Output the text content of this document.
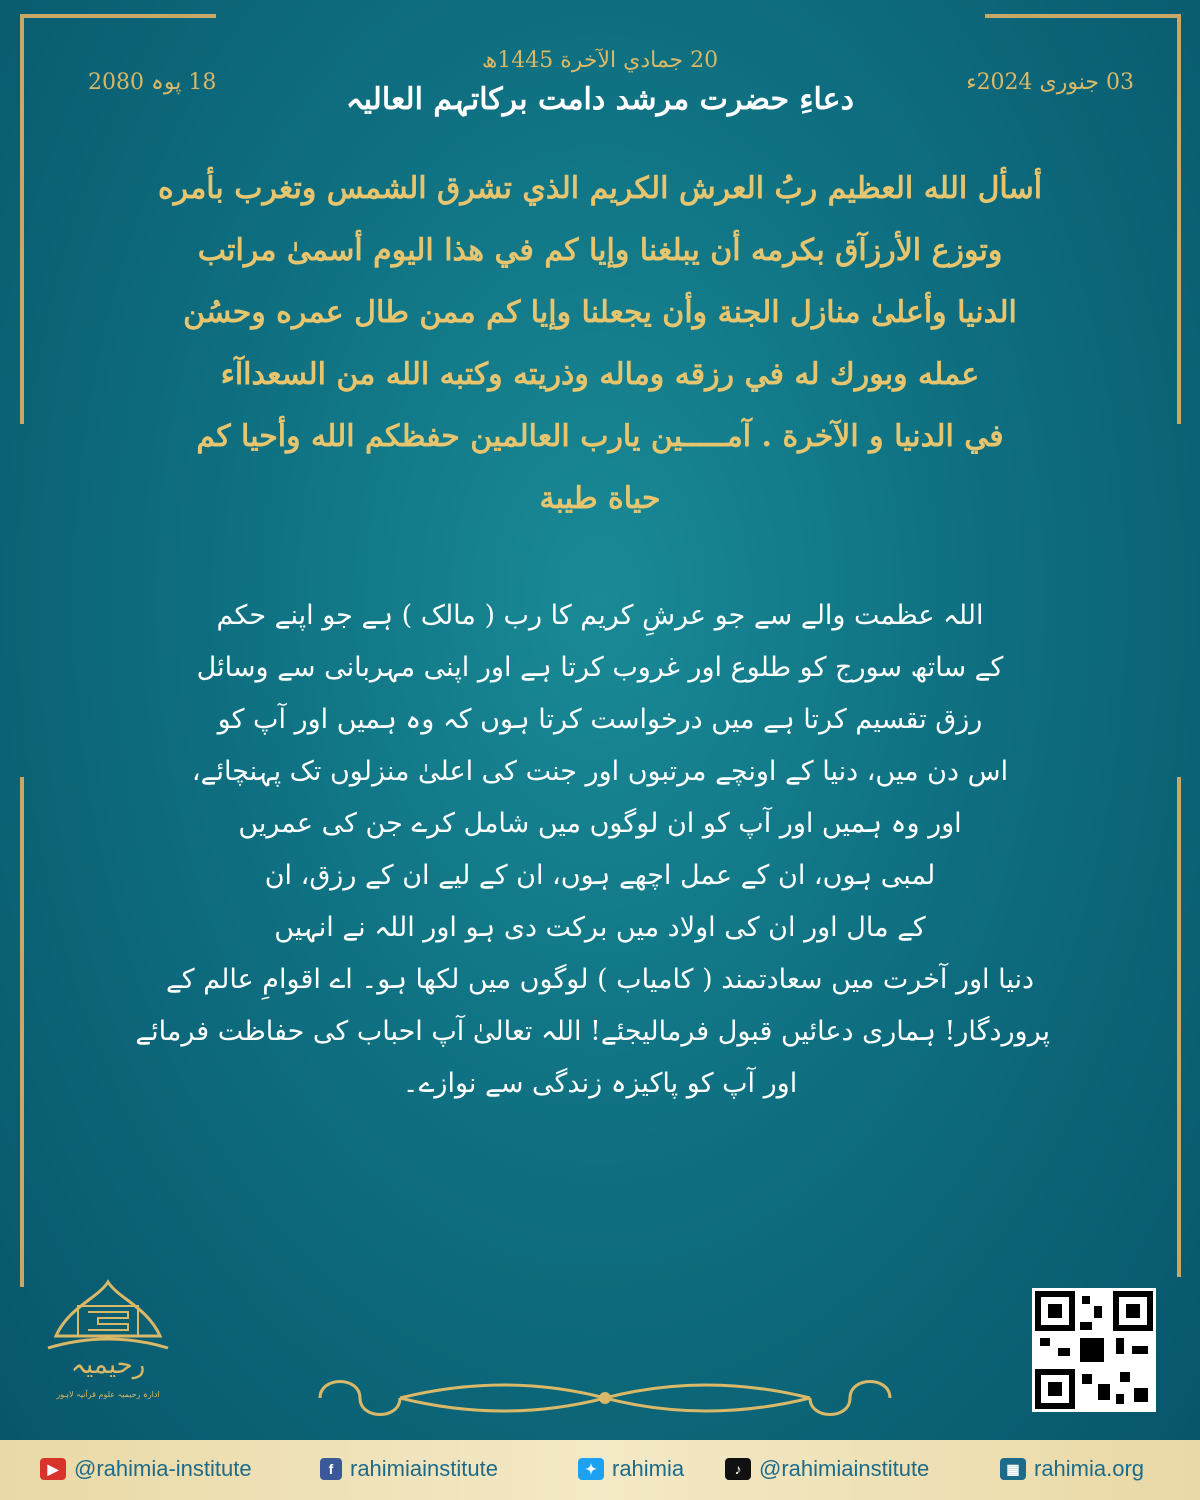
20 جمادي الآخرة 1445ھ
03 جنوری 2024ء
18 پوہ 2080	دعاءِ حضرت مرشد دامت برکاتہم العالیہ
أسأل الله العظيم ربُ العرش الكريم الذي تشرق الشمس وتغرب بأمره
وتوزع الأرزآق بكرمه أن يبلغنا وإيا كم في هذا اليوم أسمىٰ مراتب
الدنيا وأعلىٰ منازل الجنة وأن يجعلنا وإيا كم ممن طال عمره وحسُن
عمله وبورك له في رزقه وماله وذريته وكتبه الله من السعداآء
في الدنيا و الآخرة . آمـــــين يارب العالمين حفظكم الله وأحيا كم
حياة طيبة
اللہ عظمت والے سے جو عرشِ کریم کا رب ( مالک ) ہے جو اپنے حکم
کے ساتھ سورج کو طلوع اور غروب کرتا ہے اور اپنی مہربانی سے وسائل
رزق تقسیم کرتا ہے میں درخواست کرتا ہوں کہ وہ ہمیں اور آپ کو
اس دن میں، دنیا کے اونچے مرتبوں اور جنت کی اعلیٰ منزلوں تک پہنچائے،
اور وہ ہمیں اور آپ کو ان لوگوں میں شامل کرے جن کی عمریں
لمبی ہوں، ان کے عمل اچھے ہوں، ان کے لیے ان کے رزق، ان
کے مال اور ان کی اولاد میں برکت دی ہو اور اللہ نے انہیں
دنیا اور آخرت میں سعادتمند ( کامیاب ) لوگوں میں لکھا ہو۔ اے اقوامِ عالم کے
پروردگار! ہماری دعائیں قبول فرمالیجئے! اللہ تعالیٰ آپ احباب کی حفاظت فرمائے
اور آپ کو پاکیزہ زندگی سے نوازے۔
رحیمیہ
ادارہ رحیمیہ علوم قرآنیہ لاہور
▶ @rahimia-institute	f rahimiainstitute	✦ rahimia	♪ @rahimiainstitute	▦ rahimia.org
